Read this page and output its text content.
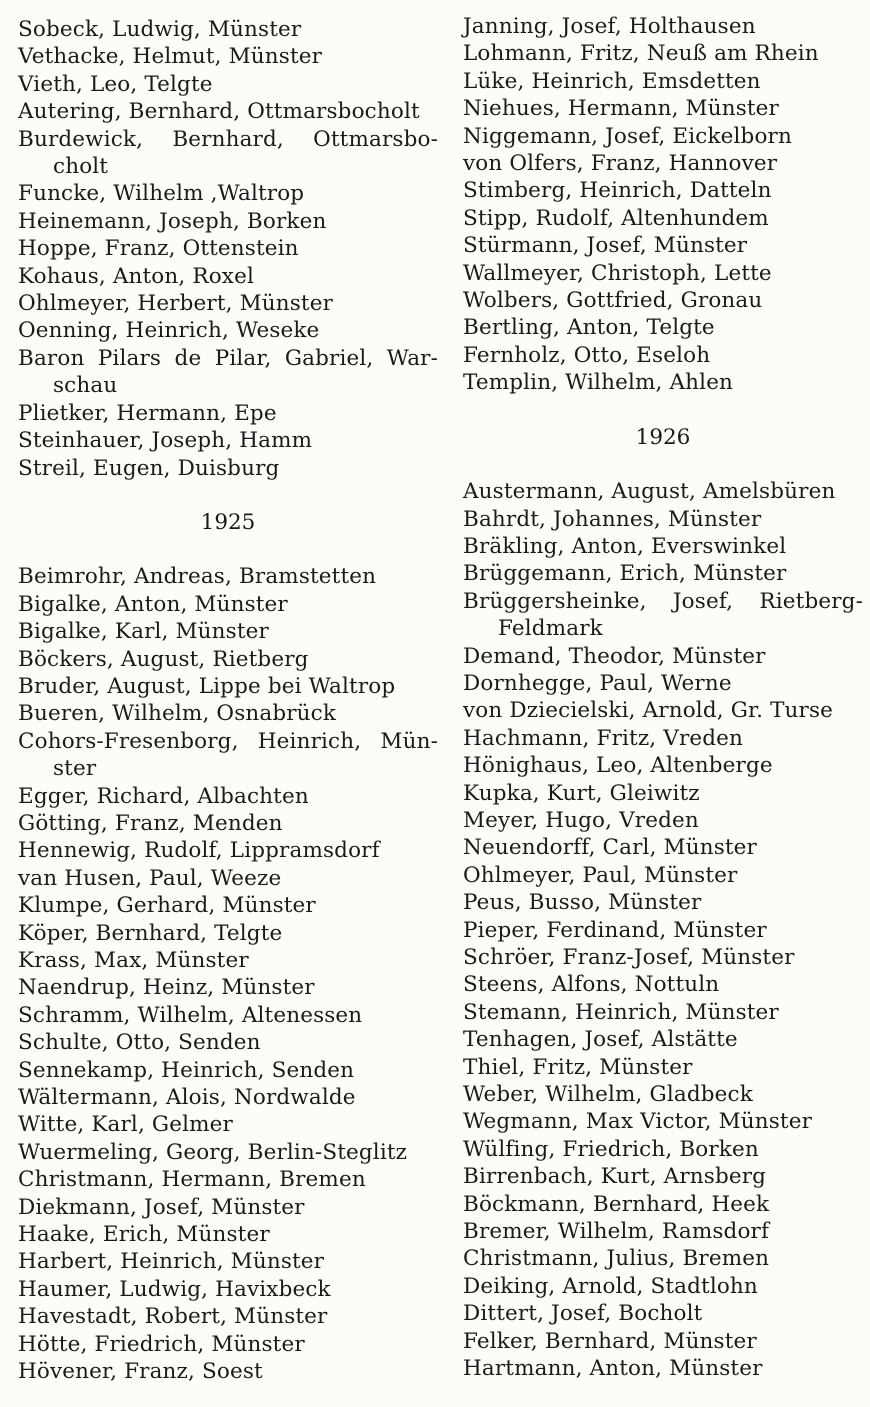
Sobeck, Ludwig, Münster
Vethacke, Helmut, Münster
Vieth, Leo, Telgte
Autering, Bernhard, Ottmarsbocholt
Burdewick, Bernhard, Ottmarsbo-
cholt
Funcke, Wilhelm ,Waltrop
Heinemann, Joseph, Borken
Hoppe, Franz, Ottenstein
Kohaus, Anton, Roxel
Ohlmeyer, Herbert, Münster
Oenning, Heinrich, Weseke
Baron Pilars de Pilar, Gabriel, War-
schau
Plietker, Hermann, Epe
Steinhauer, Joseph, Hamm
Streil, Eugen, Duisburg
1925
Beimrohr, Andreas, Bramstetten
Bigalke, Anton, Münster
Bigalke, Karl, Münster
Böckers, August, Rietberg
Bruder, August, Lippe bei Waltrop
Bueren, Wilhelm, Osnabrück
Cohors-Fresenborg, Heinrich, Mün-
ster
Egger, Richard, Albachten
Götting, Franz, Menden
Hennewig, Rudolf, Lippramsdorf
van Husen, Paul, Weeze
Klumpe, Gerhard, Münster
Köper, Bernhard, Telgte
Krass, Max, Münster
Naendrup, Heinz, Münster
Schramm, Wilhelm, Altenessen
Schulte, Otto, Senden
Sennekamp, Heinrich, Senden
Wältermann, Alois, Nordwalde
Witte, Karl, Gelmer
Wuermeling, Georg, Berlin-Steglitz
Christmann, Hermann, Bremen
Diekmann, Josef, Münster
Haake, Erich, Münster
Harbert, Heinrich, Münster
Haumer, Ludwig, Havixbeck
Havestadt, Robert, Münster
Hötte, Friedrich, Münster
Hövener, Franz, Soest
Janning, Josef, Holthausen
Lohmann, Fritz, Neuß am Rhein
Lüke, Heinrich, Emsdetten
Niehues, Hermann, Münster
Niggemann, Josef, Eickelborn
von Olfers, Franz, Hannover
Stimberg, Heinrich, Datteln
Stipp, Rudolf, Altenhundem
Stürmann, Josef, Münster
Wallmeyer, Christoph, Lette
Wolbers, Gottfried, Gronau
Bertling, Anton, Telgte
Fernholz, Otto, Eseloh
Templin, Wilhelm, Ahlen
1926
Austermann, August, Amelsbüren
Bahrdt, Johannes, Münster
Bräkling, Anton, Everswinkel
Brüggemann, Erich, Münster
Brüggersheinke, Josef, Rietberg-
Feldmark
Demand, Theodor, Münster
Dornhegge, Paul, Werne
von Dziecielski, Arnold, Gr. Turse
Hachmann, Fritz, Vreden
Hönighaus, Leo, Altenberge
Kupka, Kurt, Gleiwitz
Meyer, Hugo, Vreden
Neuendorff, Carl, Münster
Ohlmeyer, Paul, Münster
Peus, Busso, Münster
Pieper, Ferdinand, Münster
Schröer, Franz-Josef, Münster
Steens, Alfons, Nottuln
Stemann, Heinrich, Münster
Tenhagen, Josef, Alstätte
Thiel, Fritz, Münster
Weber, Wilhelm, Gladbeck
Wegmann, Max Victor, Münster
Wülfing, Friedrich, Borken
Birrenbach, Kurt, Arnsberg
Böckmann, Bernhard, Heek
Bremer, Wilhelm, Ramsdorf
Christmann, Julius, Bremen
Deiking, Arnold, Stadtlohn
Dittert, Josef, Bocholt
Felker, Bernhard, Münster
Hartmann, Anton, Münster
